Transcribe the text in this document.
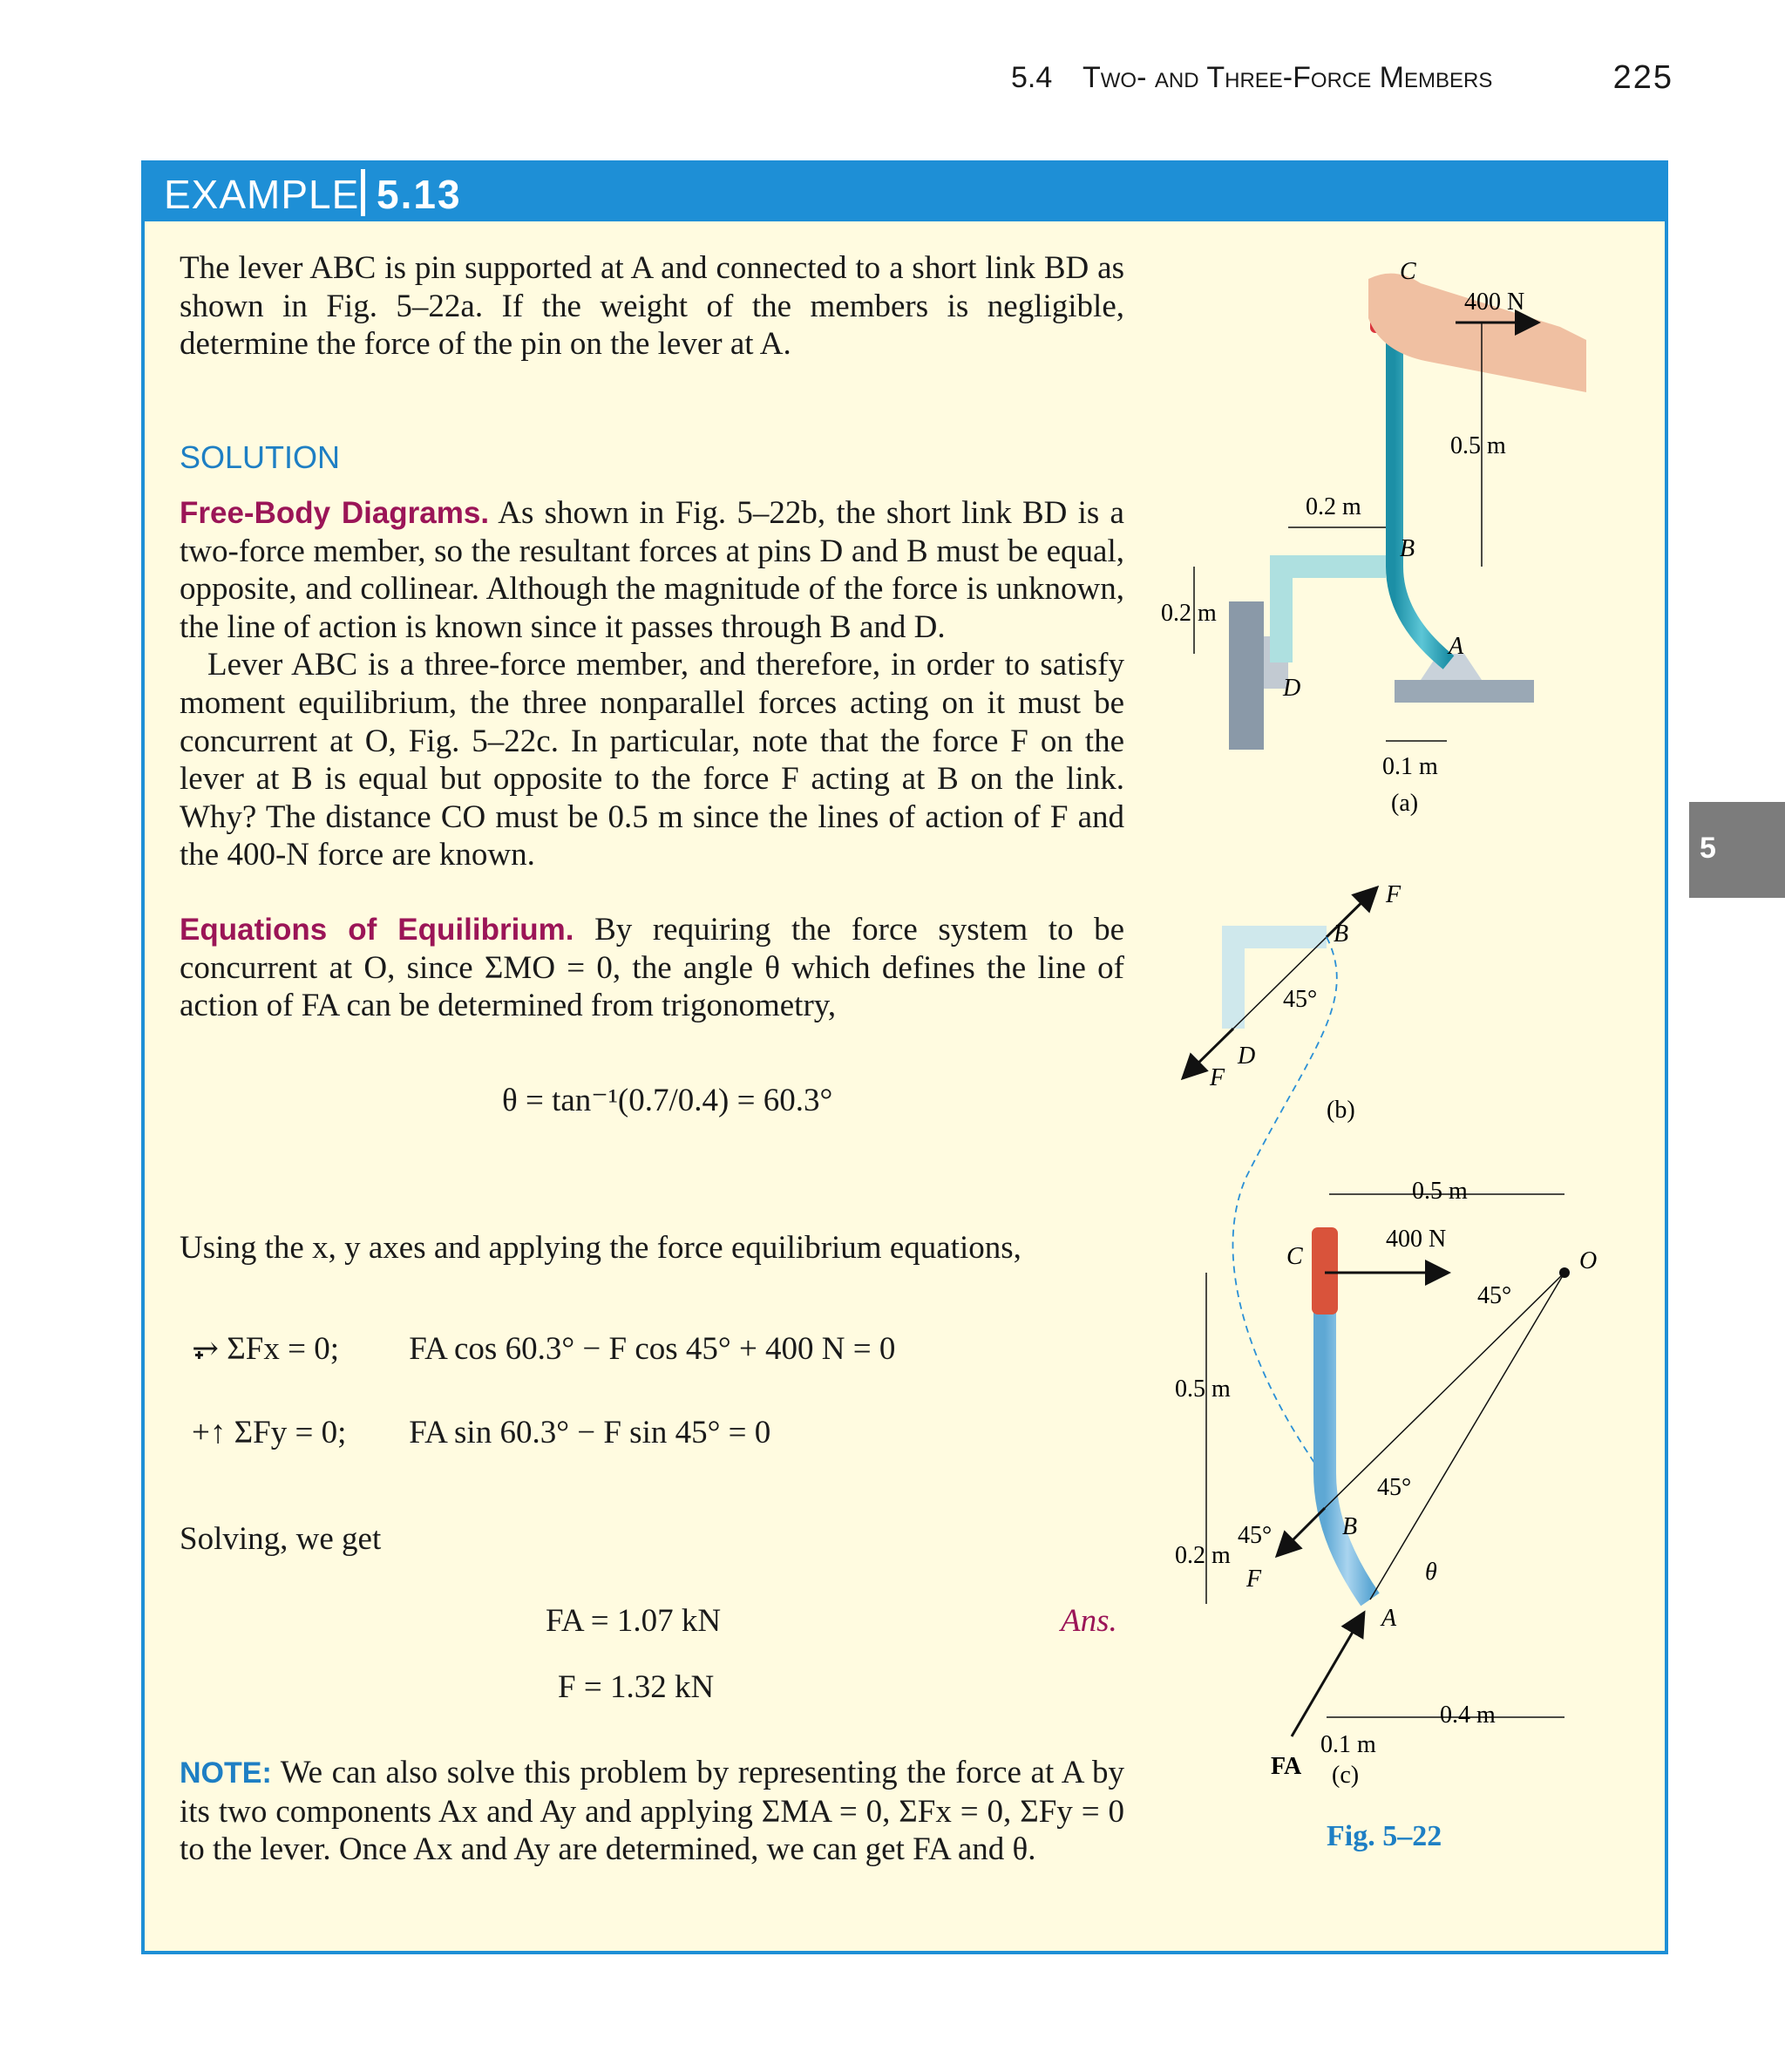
5.4 Two- and Three-Force Members	225
EXAMPLE 5.13
The lever ABC is pin supported at A and connected to a short link BD as shown in Fig. 5–22a. If the weight of the members is negligible, determine the force of the pin on the lever at A.
SOLUTION
Free-Body Diagrams. As shown in Fig. 5–22b, the short link BD is a two-force member, so the resultant forces at pins D and B must be equal, opposite, and collinear. Although the magnitude of the force is unknown, the line of action is known since it passes through B and D.
Lever ABC is a three-force member, and therefore, in order to satisfy moment equilibrium, the three nonparallel forces acting on it must be concurrent at O, Fig. 5–22c. In particular, note that the force F on the lever at B is equal but opposite to the force F acting at B on the link. Why? The distance CO must be 0.5 m since the lines of action of F and the 400-N force are known.
Equations of Equilibrium. By requiring the force system to be concurrent at O, since ΣMO = 0, the angle θ which defines the line of action of FA can be determined from trigonometry,
θ = tan⁻¹(0.7/0.4) = 60.3°
Using the x, y axes and applying the force equilibrium equations,
⥅ ΣFx = 0; FA cos 60.3° − F cos 45° + 400 N = 0
+↑ ΣFy = 0; FA sin 60.3° − F sin 45° = 0
Solving, we get
FA = 1.07 kN	Ans.
F = 1.32 kN
NOTE: We can also solve this problem by representing the force at A by its two components Ax and Ay and applying ΣMA = 0, ΣFx = 0, ΣFy = 0 to the lever. Once Ax and Ay are determined, we can get FA and θ.
5
400 N
C
B
A
D
0.5 m
0.2 m
0.2 m
0.1 m
(a)
F
B
D
F
45°
(b)
400 N
O
C
45°
45°
45°
F
B
FA
A
θ
0.5 m
0.5 m
0.2 m
0.4 m
0.1 m
(c)
Fig. 5–22
